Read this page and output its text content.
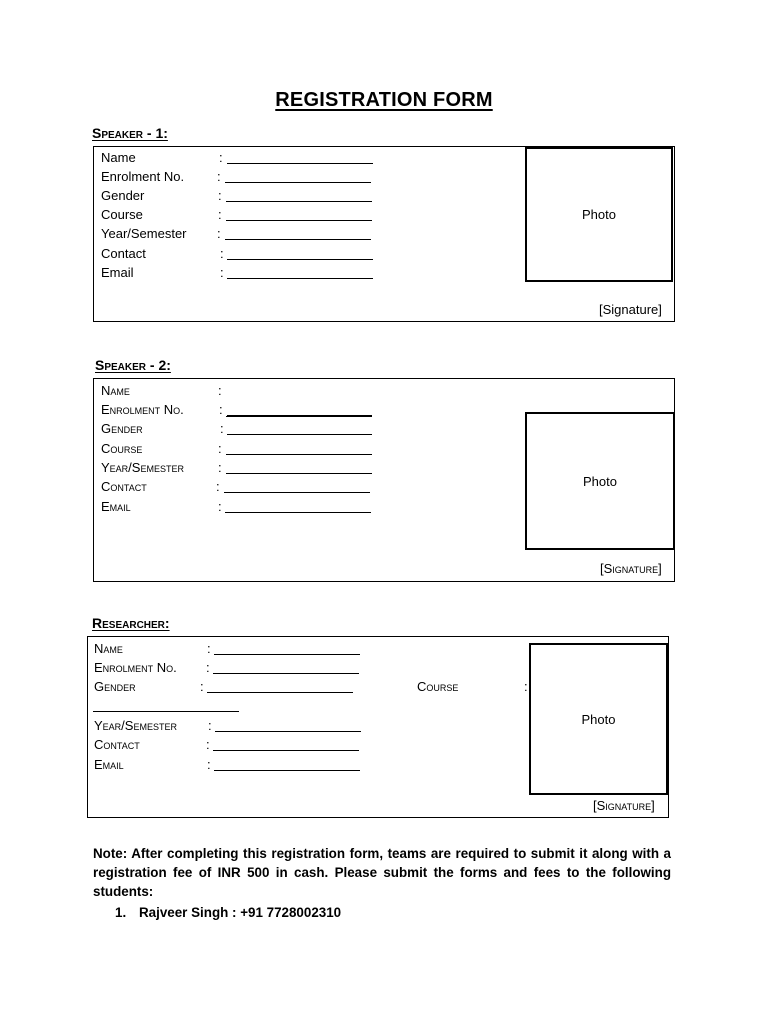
REGISTRATION FORM
Speaker - 1:
Photo
[Signature]
Name
Enrolment No.
Gender
Course
Year/Semester
Contact
Email
:
:
:
:
:
:
:
Speaker - 2:
Photo
[Signature]
Name
Enrolment No.
Gender
Course
Year/Semester
Contact
Email
:
:
:
:
:
:
:
Researcher:
Photo
[Signature]
Name
Enrolment No.
Gender	Course
Year/Semester
Contact
Email
:
:
:	:
:
:
:
Note: After completing this registration form, teams are required to submit it along with a registration fee of INR 500 in cash. Please submit the forms and fees to the following students:
1. Rajveer Singh : +91 7728002310
